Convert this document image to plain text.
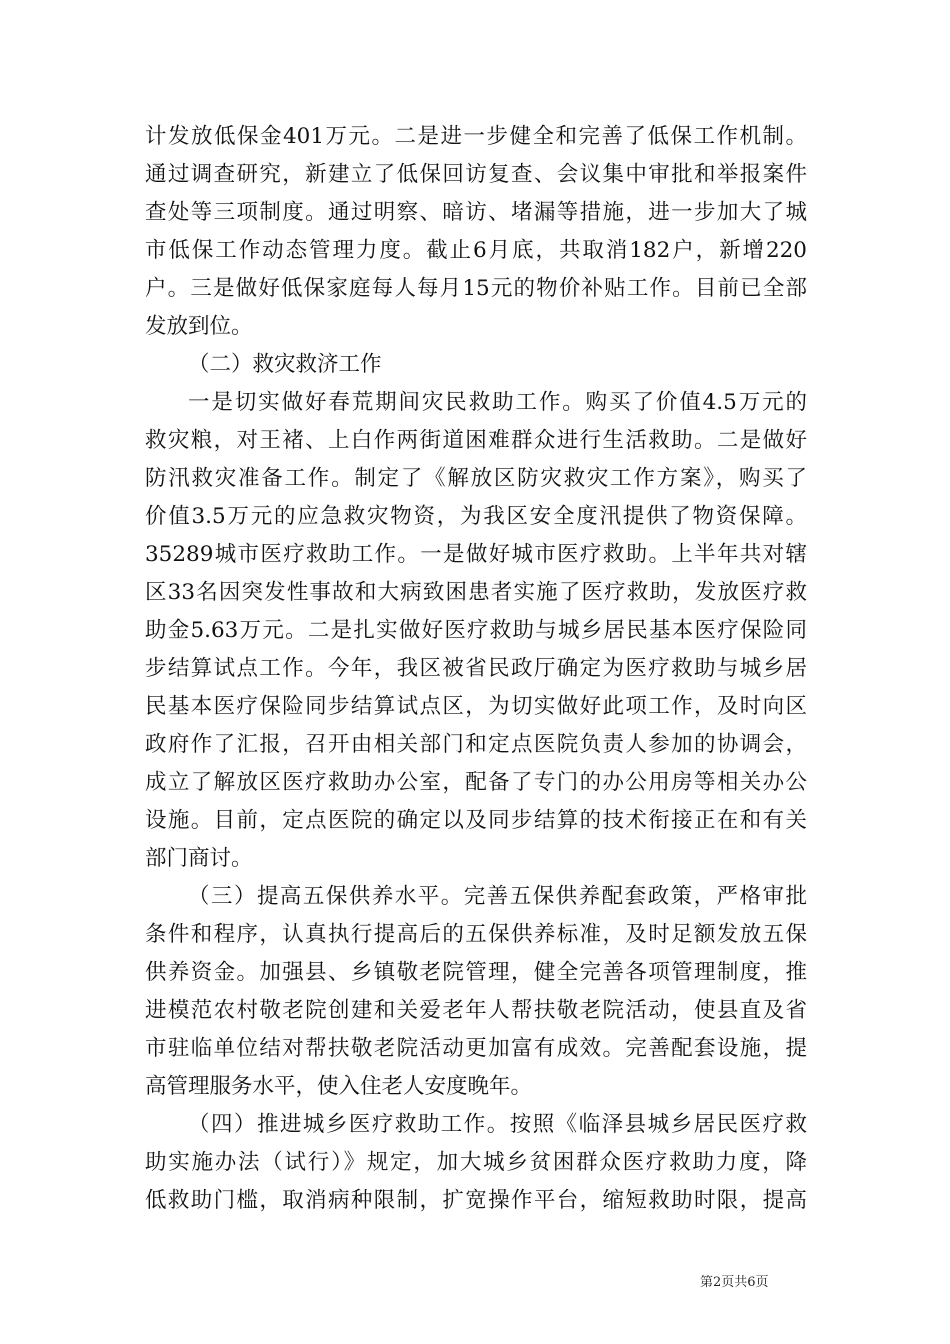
计发放低保金401万元。二是进一步健全和完善了低保工作机制。
通过调查研究，新建立了低保回访复查、会议集中审批和举报案件
查处等三项制度。通过明察、暗访、堵漏等措施，进一步加大了城
市低保工作动态管理力度。截止6月底，共取消182户，新增220
户。三是做好低保家庭每人每月15元的物价补贴工作。目前已全部
发放到位。
（二）救灾救济工作
一是切实做好春荒期间灾民救助工作。购买了价值4.5万元的
救灾粮，对王褚、上白作两街道困难群众进行生活救助。二是做好
防汛救灾准备工作。制定了《解放区防灾救灾工作方案》，购买了
价值3.5万元的应急救灾物资，为我区安全度汛提供了物资保障。
35289城市医疗救助工作。一是做好城市医疗救助。上半年共对辖
区33名因突发性事故和大病致困患者实施了医疗救助，发放医疗救
助金5.63万元。二是扎实做好医疗救助与城乡居民基本医疗保险同
步结算试点工作。今年，我区被省民政厅确定为医疗救助与城乡居
民基本医疗保险同步结算试点区，为切实做好此项工作，及时向区
政府作了汇报，召开由相关部门和定点医院负责人参加的协调会，
成立了解放区医疗救助办公室，配备了专门的办公用房等相关办公
设施。目前，定点医院的确定以及同步结算的技术衔接正在和有关
部门商讨。
（三）提高五保供养水平。完善五保供养配套政策，严格审批
条件和程序，认真执行提高后的五保供养标准，及时足额发放五保
供养资金。加强县、乡镇敬老院管理，健全完善各项管理制度，推
进模范农村敬老院创建和关爱老年人帮扶敬老院活动，使县直及省
市驻临单位结对帮扶敬老院活动更加富有成效。完善配套设施，提
高管理服务水平，使入住老人安度晚年。
（四）推进城乡医疗救助工作。按照《临泽县城乡居民医疗救
助实施办法（试行）》规定，加大城乡贫困群众医疗救助力度，降
低救助门槛，取消病种限制，扩宽操作平台，缩短救助时限，提高
第2页共6页
